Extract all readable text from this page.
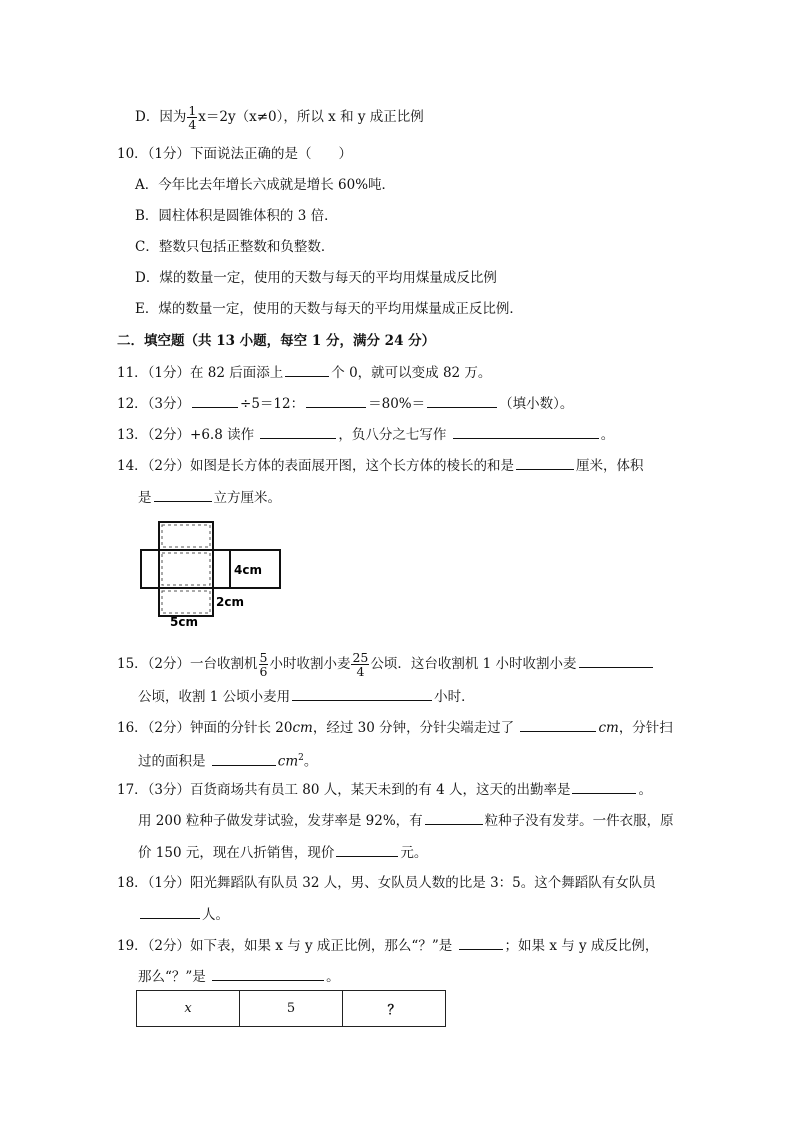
D．因为 $\frac{1}{4} x=2y(x\ne 0)$，所以 x 和 y 成正比例
10．（1分）下面说法正确的是（　　）
A．今年比去年增长六成就是增长 60%吨．
B．圆柱体积是圆锥体积的 3 倍．
C．整数只包括正整数和负整数．
D．煤的数量一定，使用的天数与每天的平均用煤量成反比例
E．煤的数量一定，使用的天数与每天的平均用煤量成正反比例．
二．填空题（共 13 小题，每空 1 分，满分 24 分）
11．（1分）在 82 后面添上	个 0，就可以变成 82 万。
12．（3分）	÷5＝12：	＝80%＝	（填小数）。
13．（2分）+6.8 读作	，负八分之七写作	。
14．（2分）如图是长方体的表面展开图，这个长方体的棱长的和是	厘米，体积
是	立方厘米。
4cm
2cm
5cm
15．（2分）一台收割机 $\frac{5}{6}$ 小时收割小麦 $\frac{25}{4}$ 公顷．这台收割机 1 小时收割小麦
公顷，收割 1 公顷小麦用	小时．
16．（2分）钟面的分针长 20cm，经过 30 分钟，分针尖端走过了	cm，分针扫
过的面积是	$cm^2$。
17．（3分）百货商场共有员工 80 人，某天未到的有 4 人，这天的出勤率是	。
用 200 粒种子做发芽试验，发芽率是 92%，有	粒种子没有发芽。一件衣服，原
价 150 元，现在八折销售，现价	元。
18．（1分）阳光舞蹈队有队员 32 人，男、女队员人数的比是 3：5。这个舞蹈队有女队员
人。
19．（2分）如下表，如果 x 与 y 成正比例，那么“？”是	；如果 x 与 y 成反比例，
那么“？”是	。
x	5	？
